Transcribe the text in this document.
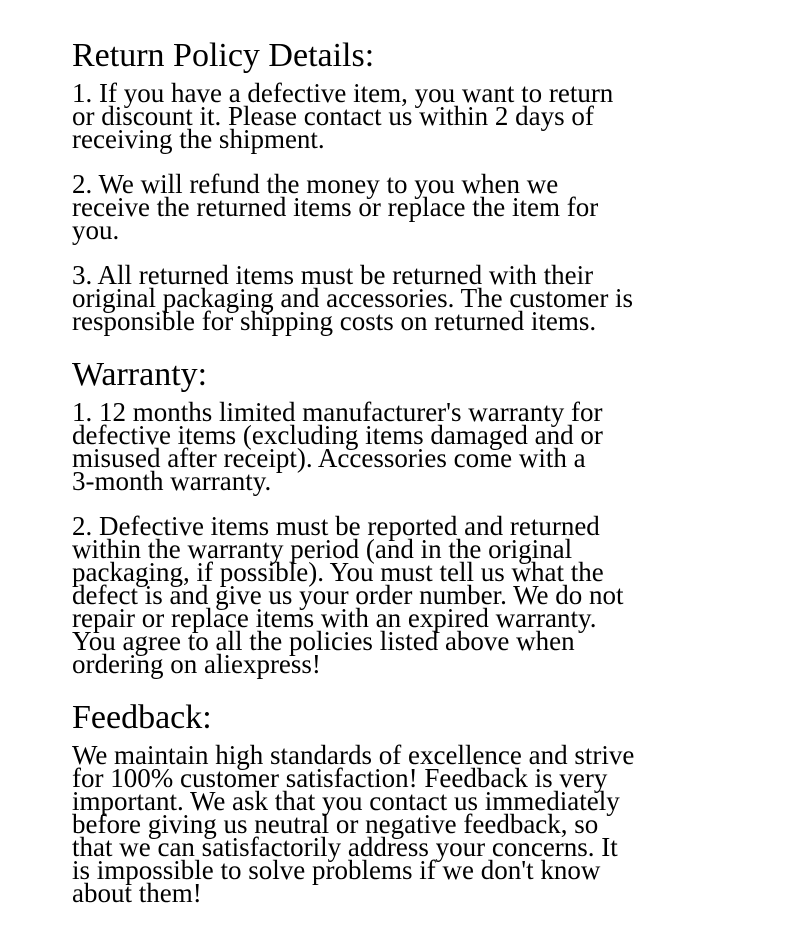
Return Policy Details:

1. If you have a defective item, you want to return
or discount it. Please contact us within 2 days of
receiving the shipment.

2. We will refund the money to you when we
receive the returned items or replace the item for
you.

3. All returned items must be returned with their
original packaging and accessories. The customer is
responsible for shipping costs on returned items.

Warranty:

1. 12 months limited manufacturer's warranty for
defective items (excluding items damaged and or
misused after receipt). Accessories come with a
3-month warranty.

2. Defective items must be reported and returned
within the warranty period (and in the original
packaging, if possible). You must tell us what the
defect is and give us your order number. We do not
repair or replace items with an expired warranty.
You agree to all the policies listed above when
ordering on aliexpress!

Feedback:

We maintain high standards of excellence and strive
for 100% customer satisfaction! Feedback is very
important. We ask that you contact us immediately
before giving us neutral or negative feedback, so
that we can satisfactorily address your concerns. It
is impossible to solve problems if we don't know
about them!
